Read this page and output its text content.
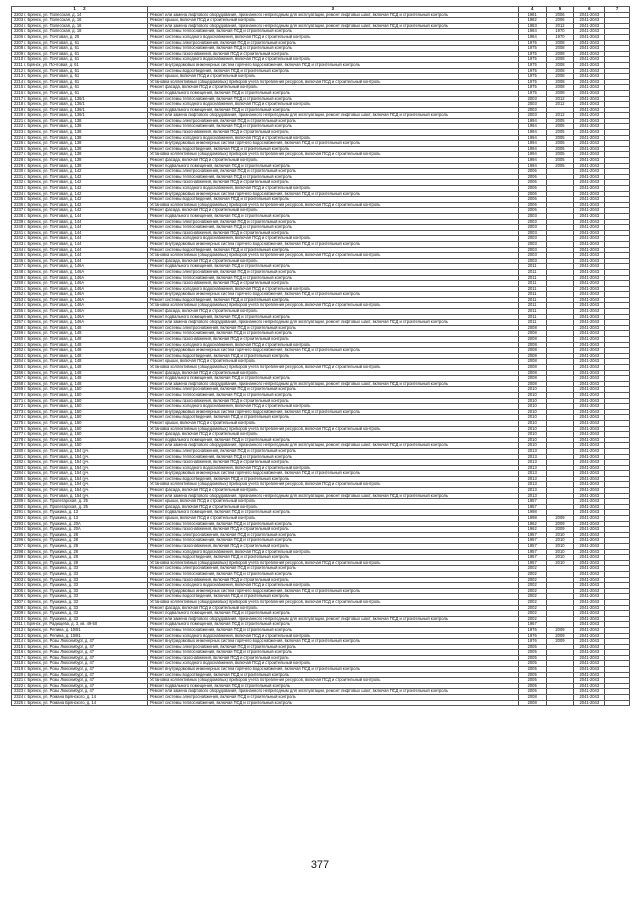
1 2	3	4	5	6	7
2202 г. Брянск, ул. Полесская, д. 14	Ремонт или замена лифтового оборудования, признанного непригодным для эксплуатации, ремонт лифтовых шахт, включая ПСД и строительный контроль	1981	2006	2041-2043	
2203 г. Брянск, ул. Полесская, д. 16	Ремонт крыши, включая ПСД и строительный контроль	1982	2006	2041-2043	
2204 г. Брянск, ул. Полесская, д. 16	Ремонт или замена лифтового оборудования, признанного непригодным для эксплуатации, ремонт лифтовых шахт, включая ПСД и строительный контроль	1983	2012	2041-2043	
2205 г. Брянск, ул. Полесская, д. 18	Ремонт системы теплоснабжения, включая ПСД и строительный контроль	1984	1970	2041-2043	
2206 г. Брянск, ул. Почтовая, д. 20	Ремонт системы холодного водоснабжения, включая ПСД и строительный контроль	1984	1970	2041-2043	
2207 г. Брянск, ул. Почтовая, д. 61	Ремонт системы электроснабжения, включая ПСД и строительный контроль	1975	2008	2041-2043	
2208 г. Брянск, ул. Почтовая, д. 61	Ремонт системы теплоснабжения, включая ПСД и строительный контроль	1975	2008	2041-2043	
2209 г. Брянск, ул. Почтовая, д. 61	Ремонт системы газоснабжения, включая ПСД и строительный контроль	1975	2008	2041-2043	
2210 г. Брянск, ул. Почтовая, д. 61	Ремонт системы холодного водоснабжения, включая ПСД и строительный контроль	1975	2008	2041-2043	
2211 г. Брянск, ул. Почтовая, д. 61	Ремонт внутридомовых инженерных систем горячего водоснабжения, включая ПСД и строительный контроль	1975	2008	2041-2043	
2212 г. Брянск, ул. Почтовая, д. 61	Ремонт системы водоотведения, включая ПСД и строительный контроль	1975	2008	2041-2043	
2213 г. Брянск, ул. Почтовая, д. 61	Ремонт крыши, включая ПСД и строительный контроль	1975	2008	2041-2043	
2214 г. Брянск, ул. Почтовая, д. 61	Установка коллективных (общедомовых) приборов учета потребления ресурсов, включая ПСД и строительный контроль	1975	2008	2041-2043	
2215 г. Брянск, ул. Почтовая, д. 61	Ремонт фасада, включая ПСД и строительный контроль	1975	2008	2041-2043	
2216 г. Брянск, ул. Почтовая, д. 61	Ремонт подвального помещения, включая ПСД и строительный контроль	1975	2008	2041-2043	
2217 г. Брянск, ул. Почтовая, д. 136/1	Ремонт системы теплоснабжения, включая ПСД и строительный контроль	2003	2012	2041-2043	
2218 г. Брянск, ул. Почтовая, д. 136/1	Ремонт системы холодного водоснабжения, включая ПСД и строительный контроль	2003	2012	2041-2043	
2219 г. Брянск, ул. Почтовая, д. 136/1	Ремонт подвального помещения, включая ПСД и строительный контроль	2003		2041-2043	
2220 г. Брянск, ул. Почтовая, д. 136/1	Ремонт или замена лифтового оборудования, признанного непригодным для эксплуатации, ремонт лифтовых шахт, включая ПСД и строительный контроль	2003	2012	2041-2043	
2221 г. Брянск, ул. Почтовая, д. 138	Ремонт системы электроснабжения, включая ПСД и строительный контроль	1994	2005	2041-2043	
2222 г. Брянск, ул. Почтовая, д. 138	Ремонт системы теплоснабжения, включая ПСД и строительный контроль	1994	2005	2041-2043	
2223 г. Брянск, ул. Почтовая, д. 138	Ремонт системы газоснабжения, включая ПСД и строительный контроль	1994	2005	2041-2043	
2224 г. Брянск, ул. Почтовая, д. 138	Ремонт системы холодного водоснабжения, включая ПСД и строительный контроль	1994	2005	2041-2043	
2225 г. Брянск, ул. Почтовая, д. 138	Ремонт внутридомовых инженерных систем горячего водоснабжения, включая ПСД и строительный контроль	1994	2005	2041-2043	
2226 г. Брянск, ул. Почтовая, д. 138	Ремонт системы водоотведения, включая ПСД и строительный контроль	1994	2005	2041-2043	
2227 г. Брянск, ул. Почтовая, д. 138	Установка коллективных (общедомовых) приборов учета потребления ресурсов, включая ПСД и строительный контроль	1994	2005	2041-2043	
2228 г. Брянск, ул. Почтовая, д. 138	Ремонт фасада, включая ПСД и строительный контроль	1994	2005	2041-2043	
2229 г. Брянск, ул. Почтовая, д. 138	Ремонт подвального помещения, включая ПСД и строительный контроль	1994	2005	2041-2043	
2230 г. Брянск, ул. Почтовая, д. 142	Ремонт системы электроснабжения, включая ПСД и строительный контроль	2006		2041-2043	
2231 г. Брянск, ул. Почтовая, д. 142	Ремонт системы теплоснабжения, включая ПСД и строительный контроль	2006		2041-2043	
2232 г. Брянск, ул. Почтовая, д. 142	Ремонт системы газоснабжения, включая ПСД и строительный контроль	2006		2041-2043	
2233 г. Брянск, ул. Почтовая, д. 142	Ремонт системы холодного водоснабжения, включая ПСД и строительный контроль	2006		2041-2043	
2234 г. Брянск, ул. Почтовая, д. 142	Ремонт внутридомовых инженерных систем горячего водоснабжения, включая ПСД и строительный контроль	2006		2041-2043	
2235 г. Брянск, ул. Почтовая, д. 142	Ремонт системы водоотведения, включая ПСД и строительный контроль	2006		2041-2043	
2236 г. Брянск, ул. Почтовая, д. 142	Установка коллективных (общедомовых) приборов учета потребления ресурсов, включая ПСД и строительный контроль	2006		2041-2043	
2237 г. Брянск, ул. Почтовая, д. 142	Ремонт фасада, включая ПСД и строительный контроль	2006		2041-2043	
2238 г. Брянск, ул. Почтовая, д. 144	Ремонт подвального помещения, включая ПСД и строительный контроль	2003		2041-2043	
2239 г. Брянск, ул. Почтовая, д. 144	Ремонт системы электроснабжения, включая ПСД и строительный контроль	2003		2041-2043	
2240 г. Брянск, ул. Почтовая, д. 144	Ремонт системы теплоснабжения, включая ПСД и строительный контроль	2003		2041-2043	
2241 г. Брянск, ул. Почтовая, д. 144	Ремонт системы газоснабжения, включая ПСД и строительный контроль	2003		2041-2043	
2242 г. Брянск, ул. Почтовая, д. 144	Ремонт системы холодного водоснабжения, включая ПСД и строительный контроль	2003		2041-2043	
2243 г. Брянск, ул. Почтовая, д. 144	Ремонт внутридомовых инженерных систем горячего водоснабжения, включая ПСД и строительный контроль	2003		2041-2043	
2244 г. Брянск, ул. Почтовая, д. 144	Ремонт системы водоотведения, включая ПСД и строительный контроль	2003		2041-2043	
2245 г. Брянск, ул. Почтовая, д. 144	Установка коллективных (общедомовых) приборов учета потребления ресурсов, включая ПСД и строительный контроль	2003		2041-2043	
2246 г. Брянск, ул. Почтовая, д. 144	Ремонт фасада, включая ПСД и строительный контроль	2003		2041-2043	
2247 г. Брянск, ул. Почтовая, д. 146А	Ремонт подвального помещения, включая ПСД и строительный контроль	2011		2041-2043	
2248 г. Брянск, ул. Почтовая, д. 146А	Ремонт системы электроснабжения, включая ПСД и строительный контроль	2011		2041-2043	
2249 г. Брянск, ул. Почтовая, д. 146А	Ремонт системы теплоснабжения, включая ПСД и строительный контроль	2011		2041-2043	
2250 г. Брянск, ул. Почтовая, д. 146А	Ремонт системы газоснабжения, включая ПСД и строительный контроль	2011		2041-2043	
2251 г. Брянск, ул. Почтовая, д. 146А	Ремонт системы холодного водоснабжения, включая ПСД и строительный контроль	2011		2041-2043	
2252 г. Брянск, ул. Почтовая, д. 146А	Ремонт внутридомовых инженерных систем горячего водоснабжения, включая ПСД и строительный контроль	2011		2041-2043	
2253 г. Брянск, ул. Почтовая, д. 146А	Ремонт системы водоотведения, включая ПСД и строительный контроль	2011		2041-2043	
2254 г. Брянск, ул. Почтовая, д. 146А	Установка коллективных (общедомовых) приборов учета потребления ресурсов, включая ПСД и строительный контроль	2011		2041-2043	
2255 г. Брянск, ул. Почтовая, д. 146А	Ремонт фасада, включая ПСД и строительный контроль	2011		2041-2043	
2256 г. Брянск, ул. Почтовая, д. 146А	Ремонт подвального помещения, включая ПСД и строительный контроль	2011		2041-2043	
2257 г. Брянск, ул. Почтовая, д. 146А	Ремонт или замена лифтового оборудования, признанного непригодным для эксплуатации, ремонт лифтовых шахт, включая ПСД и строительный контроль	2011		2041-2043	
2258 г. Брянск, ул. Почтовая, д. 148	Ремонт системы электроснабжения, включая ПСД и строительный контроль	2008		2041-2043	
2259 г. Брянск, ул. Почтовая, д. 148	Ремонт системы теплоснабжения, включая ПСД и строительный контроль	2008		2041-2043	
2260 г. Брянск, ул. Почтовая, д. 148	Ремонт системы газоснабжения, включая ПСД и строительный контроль	2008		2041-2043	
2261 г. Брянск, ул. Почтовая, д. 148	Ремонт системы холодного водоснабжения, включая ПСД и строительный контроль	2008		2041-2043	
2262 г. Брянск, ул. Почтовая, д. 148	Ремонт внутридомовых инженерных систем горячего водоснабжения, включая ПСД и строительный контроль	2008		2041-2043	
2263 г. Брянск, ул. Почтовая, д. 148	Ремонт системы водоотведения, включая ПСД и строительный контроль	2008		2041-2043	
2264 г. Брянск, ул. Почтовая, д. 148	Ремонт крыши, включая ПСД и строительный контроль	2008		2041-2043	
2265 г. Брянск, ул. Почтовая, д. 148	Установка коллективных (общедомовых) приборов учета потребления ресурсов, включая ПСД и строительный контроль	2008		2041-2043	
2266 г. Брянск, ул. Почтовая, д. 148	Ремонт фасада, включая ПСД и строительный контроль	2008		2041-2043	
2267 г. Брянск, ул. Почтовая, д. 148	Ремонт подвального помещения, включая ПСД и строительный контроль	2008		2041-2043	
2268 г. Брянск, ул. Почтовая, д. 148	Ремонт или замена лифтового оборудования, признанного непригодным для эксплуатации, ремонт лифтовых шахт, включая ПСД и строительный контроль	2008		2041-2043	
2269 г. Брянск, ул. Почтовая, д. 150	Ремонт системы электроснабжения, включая ПСД и строительный контроль	2010		2041-2043	
2270 г. Брянск, ул. Почтовая, д. 150	Ремонт системы теплоснабжения, включая ПСД и строительный контроль	2010		2041-2043	
2271 г. Брянск, ул. Почтовая, д. 150	Ремонт системы газоснабжения, включая ПСД и строительный контроль	2010		2041-2043	
2272 г. Брянск, ул. Почтовая, д. 150	Ремонт системы холодного водоснабжения, включая ПСД и строительный контроль	2010		2041-2043	
2273 г. Брянск, ул. Почтовая, д. 150	Ремонт внутридомовых инженерных систем горячего водоснабжения, включая ПСД и строительный контроль	2010		2041-2043	
2274 г. Брянск, ул. Почтовая, д. 150	Ремонт системы водоотведения, включая ПСД и строительный контроль	2010		2041-2043	
2275 г. Брянск, ул. Почтовая, д. 150	Ремонт крыши, включая ПСД и строительный контроль	2010		2041-2043	
2276 г. Брянск, ул. Почтовая, д. 150	Установка коллективных (общедомовых) приборов учета потребления ресурсов, включая ПСД и строительный контроль	2010		2041-2043	
2277 г. Брянск, ул. Почтовая, д. 150	Ремонт фасада, включая ПСД и строительный контроль	2010		2041-2043	
2278 г. Брянск, ул. Почтовая, д. 150	Ремонт подвального помещения, включая ПСД и строительный контроль	2010		2041-2043	
2279 г. Брянск, ул. Почтовая, д. 150	Ремонт или замена лифтового оборудования, признанного непригодным для эксплуатации, ремонт лифтовых шахт, включая ПСД и строительный контроль	2010		2041-2043	
2280 г. Брянск, ул. Почтовая, д. 154 (уч.	Ремонт системы электроснабжения, включая ПСД и строительный контроль	2013		2041-2043	
2281 г. Брянск, ул. Почтовая, д. 154 (уч.	Ремонт системы теплоснабжения, включая ПСД и строительный контроль	2013		2041-2043	
2282 г. Брянск, ул. Почтовая, д. 154 (уч.	Ремонт системы газоснабжения, включая ПСД и строительный контроль	2013		2041-2043	
2283 г. Брянск, ул. Почтовая, д. 154 (уч.	Ремонт системы холодного водоснабжения, включая ПСД и строительный контроль	2013		2041-2043	
2284 г. Брянск, ул. Почтовая, д. 154 (уч.	Ремонт внутридомовых инженерных систем горячего водоснабжения, включая ПСД и строительный контроль	2013		2041-2043	
2285 г. Брянск, ул. Почтовая, д. 154 (уч.	Ремонт системы водоотведения, включая ПСД и строительный контроль	2013		2041-2043	
2286 г. Брянск, ул. Почтовая, д. 154 (уч.	Установка коллективных (общедомовых) приборов учета потребления ресурсов, включая ПСД и строительный контроль	2013		2041-2043	
2287 г. Брянск, ул. Почтовая, д. 154 (уч.	Ремонт фасада, включая ПСД и строительный контроль	2013		2041-2043	
2288 г. Брянск, ул. Почтовая, д. 154 (уч.	Ремонт или замена лифтового оборудования, признанного непригодным для эксплуатации, ремонт лифтовых шахт, включая ПСД и строительный контроль	2013		2041-2043	
2289 г. Брянск, ул. Пролетарская, д. 25	Ремонт крыши, включая ПСД и строительный контроль	1957		2041-2043	
2290 г. Брянск, ул. Пролетарская, д. 25	Ремонт фасада, включая ПСД и строительный контроль	1957		2041-2043	
2291 г. Брянск, ул. Пушкина, д. 13	Ремонт подвального помещения, включая ПСД и строительный контроль	1998		2041-2043	
2292 г. Брянск, ул. Пушкина, д. 13	Ремонт крыши, включая ПСД и строительный контроль	1998	2009	2041-2043	
2293 г. Брянск, ул. Пушкина, д. 20А	Ремонт системы теплоснабжения, включая ПСД и строительный контроль	1962	2009	2041-2043	
2294 г. Брянск, ул. Пушкина, д. 20А	Ремонт системы газоснабжения, включая ПСД и строительный контроль	1962	2009	2041-2043	
2295 г. Брянск, ул. Пушкина, д. 28	Ремонт системы электроснабжения, включая ПСД и строительный контроль	1957	2010	2041-2043	
2296 г. Брянск, ул. Пушкина, д. 28	Ремонт системы теплоснабжения, включая ПСД и строительный контроль	1957	2010	2041-2043	
2297 г. Брянск, ул. Пушкина, д. 28	Ремонт системы газоснабжения, включая ПСД и строительный контроль	1957	2010	2041-2043	
2298 г. Брянск, ул. Пушкина, д. 28	Ремонт системы холодного водоснабжения, включая ПСД и строительный контроль	1957	2010	2041-2043	
2299 г. Брянск, ул. Пушкина, д. 28	Ремонт системы водоотведения, включая ПСД и строительный контроль	1957	2010	2041-2043	
2300 г. Брянск, ул. Пушкина, д. 28	Установка коллективных (общедомовых) приборов учета потребления ресурсов, включая ПСД и строительный контроль	1957	2010	2041-2043	
2301 г. Брянск, ул. Пушкина, д. 33	Ремонт системы электроснабжения, включая ПСД и строительный контроль	2002		2041-2043	
2302 г. Брянск, ул. Пушкина, д. 33	Ремонт системы теплоснабжения, включая ПСД и строительный контроль	2002		2041-2043	
2303 г. Брянск, ул. Пушкина, д. 33	Ремонт системы газоснабжения, включая ПСД и строительный контроль	2002		2041-2043	
2304 г. Брянск, ул. Пушкина, д. 33	Ремонт системы холодного водоснабжения, включая ПСД и строительный контроль	2002		2041-2043	
2305 г. Брянск, ул. Пушкина, д. 33	Ремонт внутридомовых инженерных систем горячего водоснабжения, включая ПСД и строительный контроль	2002		2041-2043	
2306 г. Брянск, ул. Пушкина, д. 33	Ремонт системы водоотведения, включая ПСД и строительный контроль	2002		2041-2043	
2307 г. Брянск, ул. Пушкина, д. 33	Установка коллективных (общедомовых) приборов учета потребления ресурсов, включая ПСД и строительный контроль	2002		2041-2043	
2308 г. Брянск, ул. Пушкина, д. 33	Ремонт фасада, включая ПСД и строительный контроль	2002		2041-2043	
2309 г. Брянск, ул. Пушкина, д. 33	Ремонт подвального помещения, включая ПСД и строительный контроль	2002		2041-2043	
2310 г. Брянск, ул. Пушкина, д. 33	Ремонт или замена лифтового оборудования, признанного непригодным для эксплуатации, ремонт лифтовых шахт, включая ПСД и строительный контроль	2002		2041-2043	
2311 г. Брянск, ул. Радищева, д. 3, кв. 49-50	Ремонт подвального помещения, включая ПСД и строительный контроль	1967		2041-2043	
2312 г. Брянск, ул. Репина, д. 10/81	Ремонт системы теплоснабжения, включая ПСД и строительный контроль	1976	2009	2041-2043	
2313 г. Брянск, ул. Репина, д. 10/81	Ремонт системы холодного водоснабжения, включая ПСД и строительный контроль	1976	2009	2041-2043	
2314 г. Брянск, ул. Розы Люксембург, д. 47	Ремонт внутридомовых инженерных систем горячего водоснабжения, включая ПСД и строительный контроль	1976	2009	2041-2043	
2315 г. Брянск, ул. Розы Люксембург, д. 47	Ремонт системы электроснабжения, включая ПСД и строительный контроль	2005		2041-2043	
2316 г. Брянск, ул. Розы Люксембург, д. 47	Ремонт системы теплоснабжения, включая ПСД и строительный контроль	2005		2041-2043	
2317 г. Брянск, ул. Розы Люксембург, д. 47	Ремонт системы газоснабжения, включая ПСД и строительный контроль	2005		2041-2043	
2318 г. Брянск, ул. Розы Люксембург, д. 47	Ремонт системы холодного водоснабжения, включая ПСД и строительный контроль	2005		2041-2043	
2319 г. Брянск, ул. Розы Люксембург, д. 47	Ремонт внутридомовых инженерных систем горячего водоснабжения, включая ПСД и строительный контроль	2005		2041-2043	
2320 г. Брянск, ул. Розы Люксембург, д. 47	Ремонт системы водоотведения, включая ПСД и строительный контроль	2005		2041-2043	
2321 г. Брянск, ул. Розы Люксембург, д. 47	Установка коллективных (общедомовых) приборов учета потребления ресурсов, включая ПСД и строительный контроль	2005		2041-2043	
2322 г. Брянск, ул. Розы Люксембург, д. 47	Ремонт подвального помещения, включая ПСД и строительный контроль	2005		2041-2043	
2323 г. Брянск, ул. Розы Люксембург, д. 47	Ремонт или замена лифтового оборудования, признанного непригодным для эксплуатации, ремонт лифтовых шахт, включая ПСД и строительный контроль	2005		2041-2043	
2324 г. Брянск, ул. Романа Брянского, д. 14	Ремонт системы электроснабжения, включая ПСД и строительный контроль	2008		2041-2043	
2325 г. Брянск, ул. Романа Брянского, д. 14	Ремонт системы теплоснабжения, включая ПСД и строительный контроль	2008		2041-2043	
377
